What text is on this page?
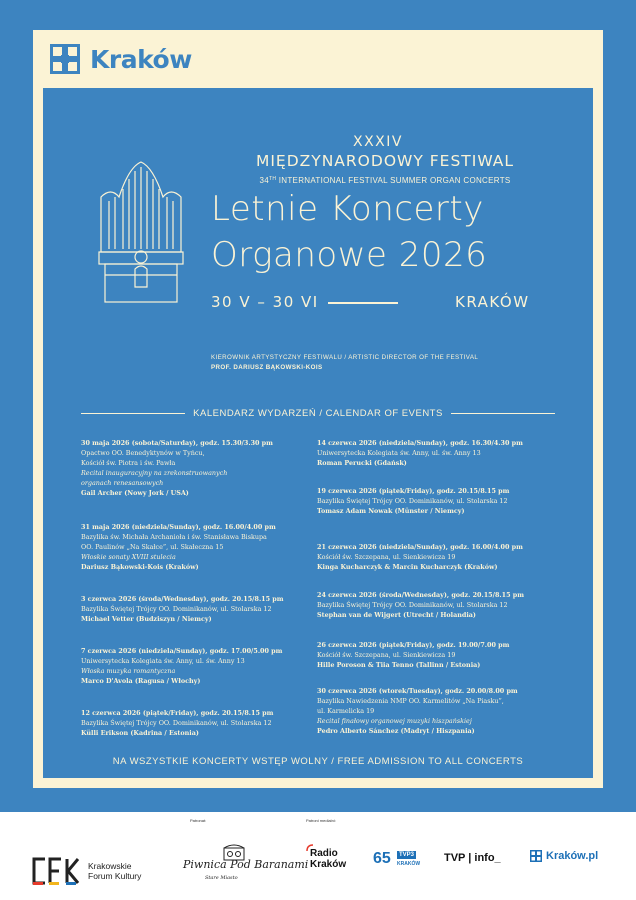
Kraków
XXXIV
MIĘDZYNARODOWY FESTIWAL
34TH INTERNATIONAL FESTIVAL SUMMER ORGAN CONCERTS
Letnie Koncerty
Organowe 2026
30 V – 30 VI	KRAKÓW
KIEROWNIK ARTYSTYCZNY FESTIWALU / ARTISTIC DIRECTOR OF THE FESTIVAL
PROF. DARIUSZ BĄKOWSKI-KOIS
KALENDARZ WYDARZEŃ / CALENDAR OF EVENTS
30 maja 2026 (sobota/Saturday), godz. 15.30/3.30 pm
Opactwo OO. Benedyktynów w Tyńcu,
Kościół św. Piotra i św. Pawła
Recital inauguracyjny na zrekonstruowanych
organach renesansowych
Gail Archer (Nowy Jork / USA)
31 maja 2026 (niedziela/Sunday), godz. 16.00/4.00 pm
Bazylika św. Michała Archanioła i św. Stanisława Biskupa
OO. Paulinów „Na Skałce”, ul. Skałeczna 15
Włoskie sonaty XVIII stulecia
Dariusz Bąkowski-Kois (Kraków)
3 czerwca 2026 (środa/Wednesday), godz. 20.15/8.15 pm
Bazylika Świętej Trójcy OO. Dominikanów, ul. Stolarska 12
Michael Vetter (Budziszyn / Niemcy)
7 czerwca 2026 (niedziela/Sunday), godz. 17.00/5.00 pm
Uniwersytecka Kolegiata św. Anny, ul. św. Anny 13
Włoska muzyka romantyczna
Marco D'Avola (Ragusa / Włochy)
12 czerwca 2026 (piątek/Friday), godz. 20.15/8.15 pm
Bazylika Świętej Trójcy OO. Dominikanów, ul. Stolarska 12
Külli Erikson (Kadrina / Estonia)
14 czerwca 2026 (niedziela/Sunday), godz. 16.30/4.30 pm
Uniwersytecka Kolegiata św. Anny, ul. św. Anny 13
Roman Perucki (Gdańsk)
19 czerwca 2026 (piątek/Friday), godz. 20.15/8.15 pm
Bazylika Świętej Trójcy OO. Dominikanów, ul. Stolarska 12
Tomasz Adam Nowak (Münster / Niemcy)
21 czerwca 2026 (niedziela/Sunday), godz. 16.00/4.00 pm
Kościół św. Szczepana, ul. Sienkiewicza 19
Kinga Kucharczyk & Marcin Kucharczyk (Kraków)
24 czerwca 2026 (środa/Wednesday), godz. 20.15/8.15 pm
Bazylika Świętej Trójcy OO. Dominikanów, ul. Stolarska 12
Stephan van de Wijgert (Utrecht / Holandia)
26 czerwca 2026 (piątek/Friday), godz. 19.00/7.00 pm
Kościół św. Szczepana, ul. Sienkiewicza 19
Hille Poroson & Tiia Tenno (Tallinn / Estonia)
30 czerwca 2026 (wtorek/Tuesday), godz. 20.00/8.00 pm
Bazylika Nawiedzenia NMP OO. Karmelitów „Na Piasku”,
ul. Karmelicka 19
Recital finałowy organowej muzyki hiszpańskiej
Pedro Alberto Sánchez (Madryt / Hiszpania)
NA WSZYSTKIE KONCERTY WSTĘP WOLNY / FREE ADMISSION TO ALL CONCERTS
KRAKOWSKIE FORUM KULTURY - INSTYTUCJA KULTURY MIASTA KRAKOWA
Patronat:	Patroni medialni:
Krakowskie
Forum Kultury
Piwnica Pod Baranami
Stare Miasto
Radio
Kraków 65	TVP3
KRAKÓW TVP | info_	Kraków.pl
